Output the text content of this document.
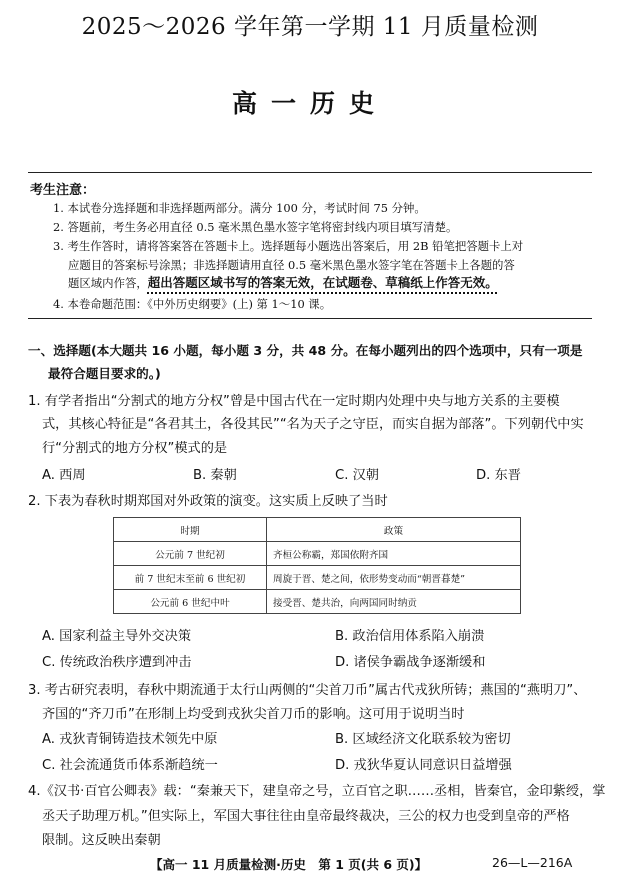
2025～2026 学年第一学期 11 月质量检测
高一历史
考生注意：
1. 本试卷分选择题和非选择题两部分。满分 100 分，考试时间 75 分钟。
2. 答题前，考生务必用直径 0.5 毫米黑色墨水签字笔将密封线内项目填写清楚。
3. 考生作答时，请将答案答在答题卡上。选择题每小题选出答案后，用 2B 铅笔把答题卡上对
应题目的答案标号涂黑；非选择题请用直径 0.5 毫米黑色墨水签字笔在答题卡上各题的答
题区域内作答，超出答题区域书写的答案无效，在试题卷、草稿纸上作答无效。
4. 本卷命题范围：《中外历史纲要》(上) 第 1～10 课。
一、选择题(本大题共 16 小题，每小题 3 分，共 48 分。在每小题列出的四个选项中，只有一项是
最符合题目要求的。)
1. 有学者指出“分割式的地方分权”曾是中国古代在一定时期内处理中央与地方关系的主要模
式，其核心特征是“各君其土，各役其民”“名为天子之守臣，而实自据为部落”。下列朝代中实
行“分割式的地方分权”模式的是
A. 西周	B. 秦朝	C. 汉朝	D. 东晋
2. 下表为春秋时期郑国对外政策的演变。这实质上反映了当时
时期	政策
公元前 7 世纪初	齐桓公称霸，郑国依附齐国
前 7 世纪末至前 6 世纪初	周旋于晋、楚之间，依形势变动而“朝晋暮楚”
公元前 6 世纪中叶	接受晋、楚共治，向两国同时纳贡
A. 国家利益主导外交决策	B. 政治信用体系陷入崩溃
C. 传统政治秩序遭到冲击	D. 诸侯争霸战争逐渐缓和
3. 考古研究表明，春秋中期流通于太行山两侧的“尖首刀币”属古代戎狄所铸；燕国的“燕明刀”、
齐国的“齐刀币”在形制上均受到戎狄尖首刀币的影响。这可用于说明当时
A. 戎狄青铜铸造技术领先中原	B. 区域经济文化联系较为密切
C. 社会流通货币体系渐趋统一	D. 戎狄华夏认同意识日益增强
4.《汉书·百官公卿表》载：“秦兼天下，建皇帝之号，立百官之职……丞相，皆秦官，金印紫绶，掌
丞天子助理万机。”但实际上，军国大事往往由皇帝最终裁决，三公的权力也受到皇帝的严格
限制。这反映出秦朝
【高一 11 月质量检测·历史　第 1 页(共 6 页)】	26—L—216A
